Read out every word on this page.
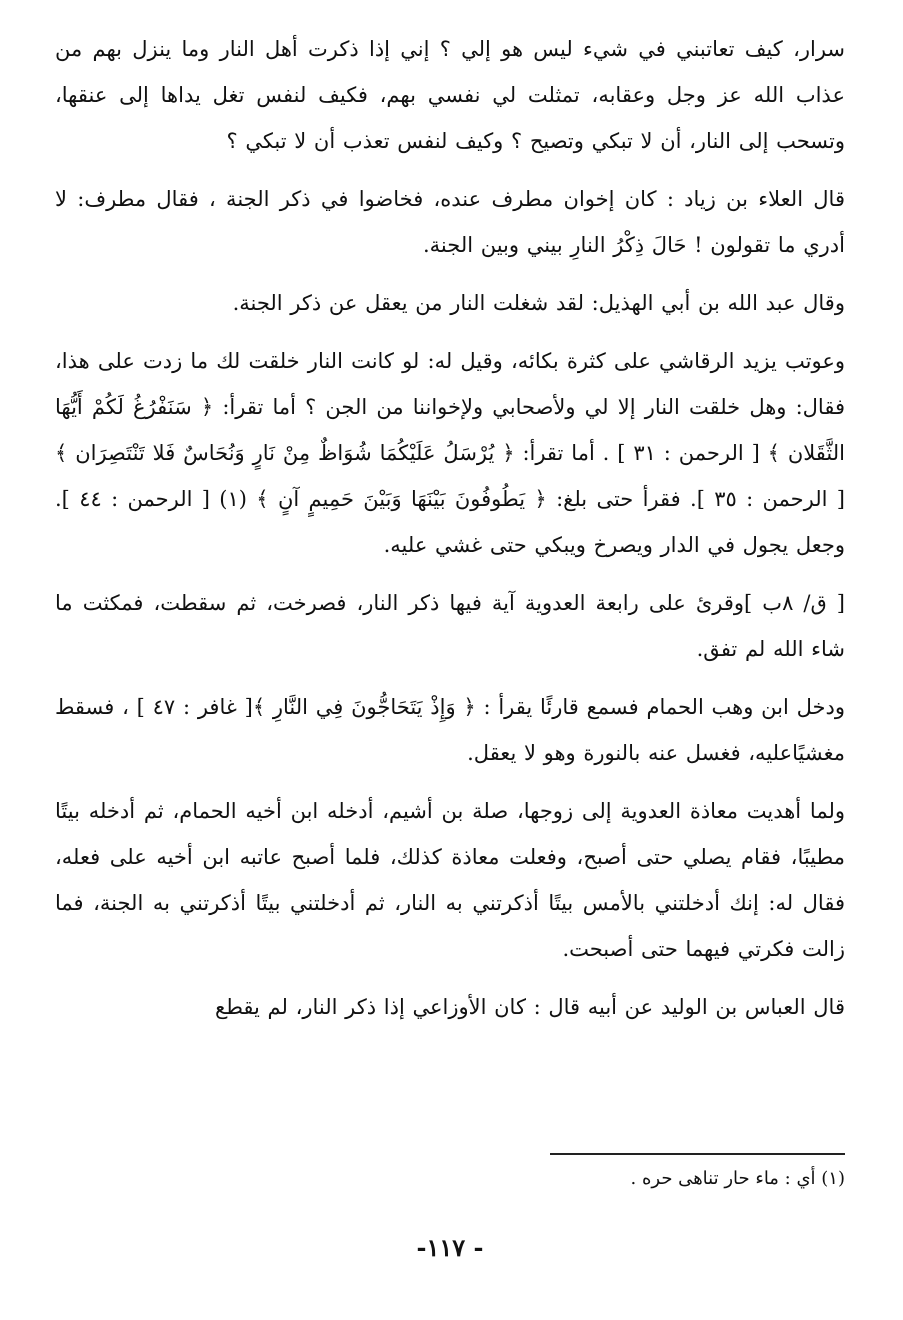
سرار، كيف تعاتبني في شيء ليس هو إلي ؟ إني إذا ذكرت أهل النار وما ينزل بهم من عذاب الله عز وجل وعقابه، تمثلت لي نفسي بهم، فكيف لنفس تغل يداها إلى عنقها، وتسحب إلى النار، أن لا تبكي وتصيح ؟ وكيف لنفس تعذب أن لا تبكي ؟

قال العلاء بن زياد : كان إخوان مطرف عنده، فخاضوا في ذكر الجنة ، فقال مطرف: لا أدري ما تقولون ! حَالَ ذِكْرُ النارِ بيني وبين الجنة.

وقال عبد الله بن أبي الهذيل: لقد شغلت النار من يعقل عن ذكر الجنة.

وعوتب يزيد الرقاشي على كثرة بكائه، وقيل له: لو كانت النار خلقت لك ما زدت على هذا، فقال: وهل خلقت النار إلا لي ولأصحابي ولإخواننا من الجن ؟ أما تقرأ: ﴿ سَنَفْرُغُ لَكُمْ أَيُّهَا الثَّقَلان ﴾ [ الرحمن : ٣١ ] . أما تقرأ: ﴿ يُرْسَلُ عَلَيْكُمَا شُوَاظٌ مِنْ نَارٍ وَنُحَاسٌ فَلا تَنْتَصِرَان ﴾ [ الرحمن : ٣٥ ]. فقرأ حتى بلغ: ﴿ يَطُوفُونَ بَيْنَهَا وَبَيْنَ حَمِيمٍ آنٍ ﴾ (١) [ الرحمن : ٤٤ ]. وجعل يجول في الدار ويصرخ ويبكي حتى غشي عليه.

[ ق/ ٨ب ]وقرئ على رابعة العدوية آية فيها ذكر النار، فصرخت، ثم سقطت، فمكثت ما شاء الله لم تفق.

ودخل ابن وهب الحمام فسمع قارئًا يقرأ : ﴿ وَإِذْ يَتَحَاجُّونَ فِي النَّارِ ﴾[ غافر : ٤٧ ] ، فسقط مغشيًاعليه، فغسل عنه بالنورة وهو لا يعقل.

ولما أهديت معاذة العدوية إلى زوجها، صلة بن أشيم، أدخله ابن أخيه الحمام، ثم أدخله بيتًا مطيبًا، فقام يصلي حتى أصبح، وفعلت معاذة كذلك، فلما أصبح عاتبه ابن أخيه على فعله، فقال له: إنك أدخلتني بالأمس بيتًا أذكرتني به النار، ثم أدخلتني بيتًا أذكرتني به الجنة، فما زالت فكرتي فيهما حتى أصبحت.

قال العباس بن الوليد عن أبيه قال : كان الأوزاعي إذا ذكر النار، لم يقطع

(١) أي : ماء حار تناهى حره .
- ١١٧-
